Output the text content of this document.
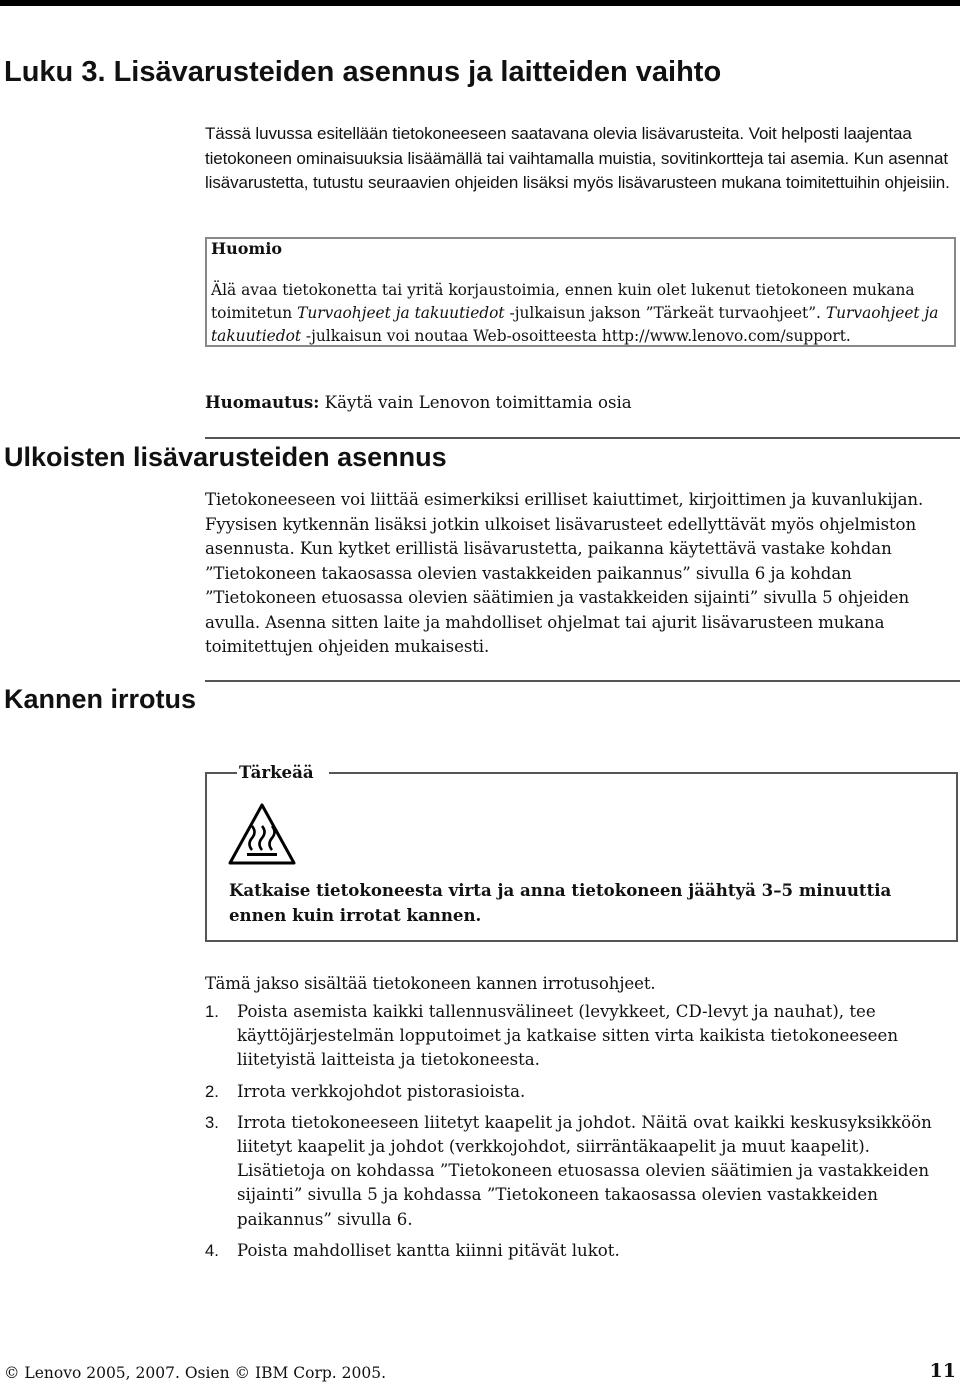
Luku 3. Lisävarusteiden asennus ja laitteiden vaihto

Tässä luvussa esitellään tietokoneeseen saatavana olevia lisävarusteita. Voit helposti laajentaa tietokoneen ominaisuuksia lisäämällä tai vaihtamalla muistia, sovitinkortteja tai asemia. Kun asennat lisävarustetta, tutustu seuraavien ohjeiden lisäksi myös lisävarusteen mukana toimitettuihin ohjeisiin.

Huomio

Älä avaa tietokonetta tai yritä korjaustoimia, ennen kuin olet lukenut tietokoneen mukana toimitetun Turvaohjeet ja takuutiedot -julkaisun jakson ”Tärkeät turvaohjeet”. Turvaohjeet ja takuutiedot -julkaisun voi noutaa Web-osoitteesta http://www.lenovo.com/support.

Huomautus: Käytä vain Lenovon toimittamia osia

Ulkoisten lisävarusteiden asennus

Tietokoneeseen voi liittää esimerkiksi erilliset kaiuttimet, kirjoittimen ja kuvanlukijan. Fyysisen kytkennän lisäksi jotkin ulkoiset lisävarusteet edellyttävät myös ohjelmiston asennusta. Kun kytket erillistä lisävarustetta, paikanna käytettävä vastake kohdan ”Tietokoneen takaosassa olevien vastakkeiden paikannus” sivulla 6 ja kohdan ”Tietokoneen etuosassa olevien säätimien ja vastakkeiden sijainti” sivulla 5 ohjeiden avulla. Asenna sitten laite ja mahdolliset ohjelmat tai ajurit lisävarusteen mukana toimitettujen ohjeiden mukaisesti.

Kannen irrotus

Tärkeää

Katkaise tietokoneesta virta ja anna tietokoneen jäähtyä 3–5 minuuttia ennen kuin irrotat kannen.

Tämä jakso sisältää tietokoneen kannen irrotusohjeet.

1. Poista asemista kaikki tallennusvälineet (levykkeet, CD-levyt ja nauhat), tee käyttöjärjestelmän lopputoimet ja katkaise sitten virta kaikista tietokoneeseen liitetyistä laitteista ja tietokoneesta.
2. Irrota verkkojohdot pistorasioista.
3. Irrota tietokoneeseen liitetyt kaapelit ja johdot. Näitä ovat kaikki keskusyksikköön liitetyt kaapelit ja johdot (verkkojohdot, siirräntäkaapelit ja muut kaapelit). Lisätietoja on kohdassa ”Tietokoneen etuosassa olevien säätimien ja vastakkeiden sijainti” sivulla 5 ja kohdassa ”Tietokoneen takaosassa olevien vastakkeiden paikannus” sivulla 6.
4. Poista mahdolliset kantta kiinni pitävät lukot.

© Lenovo 2005, 2007. Osien © IBM Corp. 2005.	11
